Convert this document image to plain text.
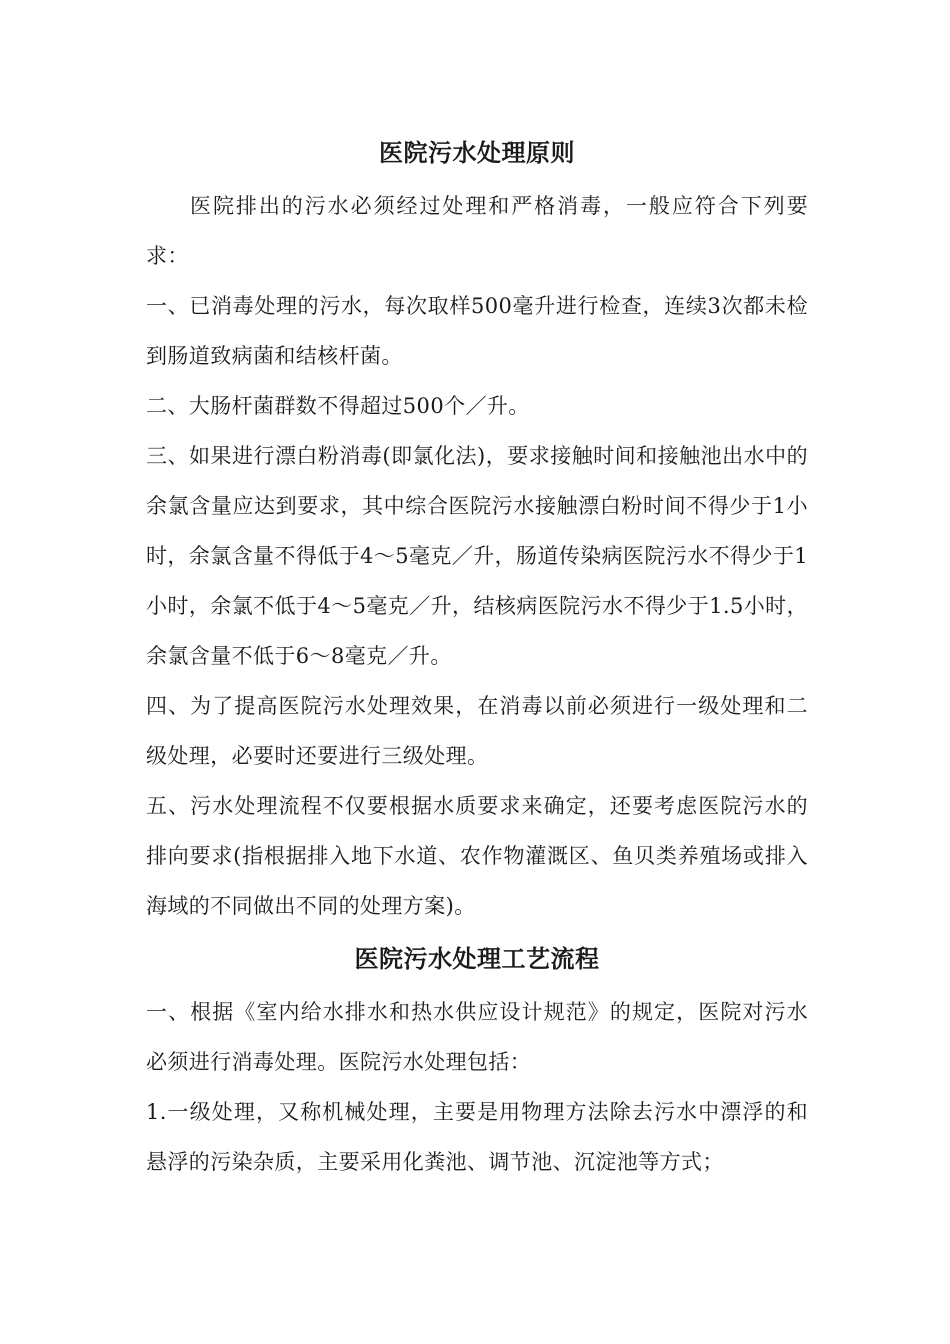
医院污水处理原则

医院排出的污水必须经过处理和严格消毒，一般应符合下列要求：

一、已消毒处理的污水，每次取样500毫升进行检查，连续3次都未检到肠道致病菌和结核杆菌。

二、大肠杆菌群数不得超过500个／升。

三、如果进行漂白粉消毒(即氯化法)，要求接触时间和接触池出水中的余氯含量应达到要求，其中综合医院污水接触漂白粉时间不得少于1小时，余氯含量不得低于4～5毫克／升，肠道传染病医院污水不得少于1小时，余氯不低于4～5毫克／升，结核病医院污水不得少于1.5小时，余氯含量不低于6～8毫克／升。

四、为了提高医院污水处理效果，在消毒以前必须进行一级处理和二级处理，必要时还要进行三级处理。

五、污水处理流程不仅要根据水质要求来确定，还要考虑医院污水的排向要求(指根据排入地下水道、农作物灌溉区、鱼贝类养殖场或排入海域的不同做出不同的处理方案)。

医院污水处理工艺流程

一、根据《室内给水排水和热水供应设计规范》的规定，医院对污水必须进行消毒处理。医院污水处理包括：

1.一级处理，又称机械处理，主要是用物理方法除去污水中漂浮的和悬浮的污染杂质，主要采用化粪池、调节池、沉淀池等方式；
